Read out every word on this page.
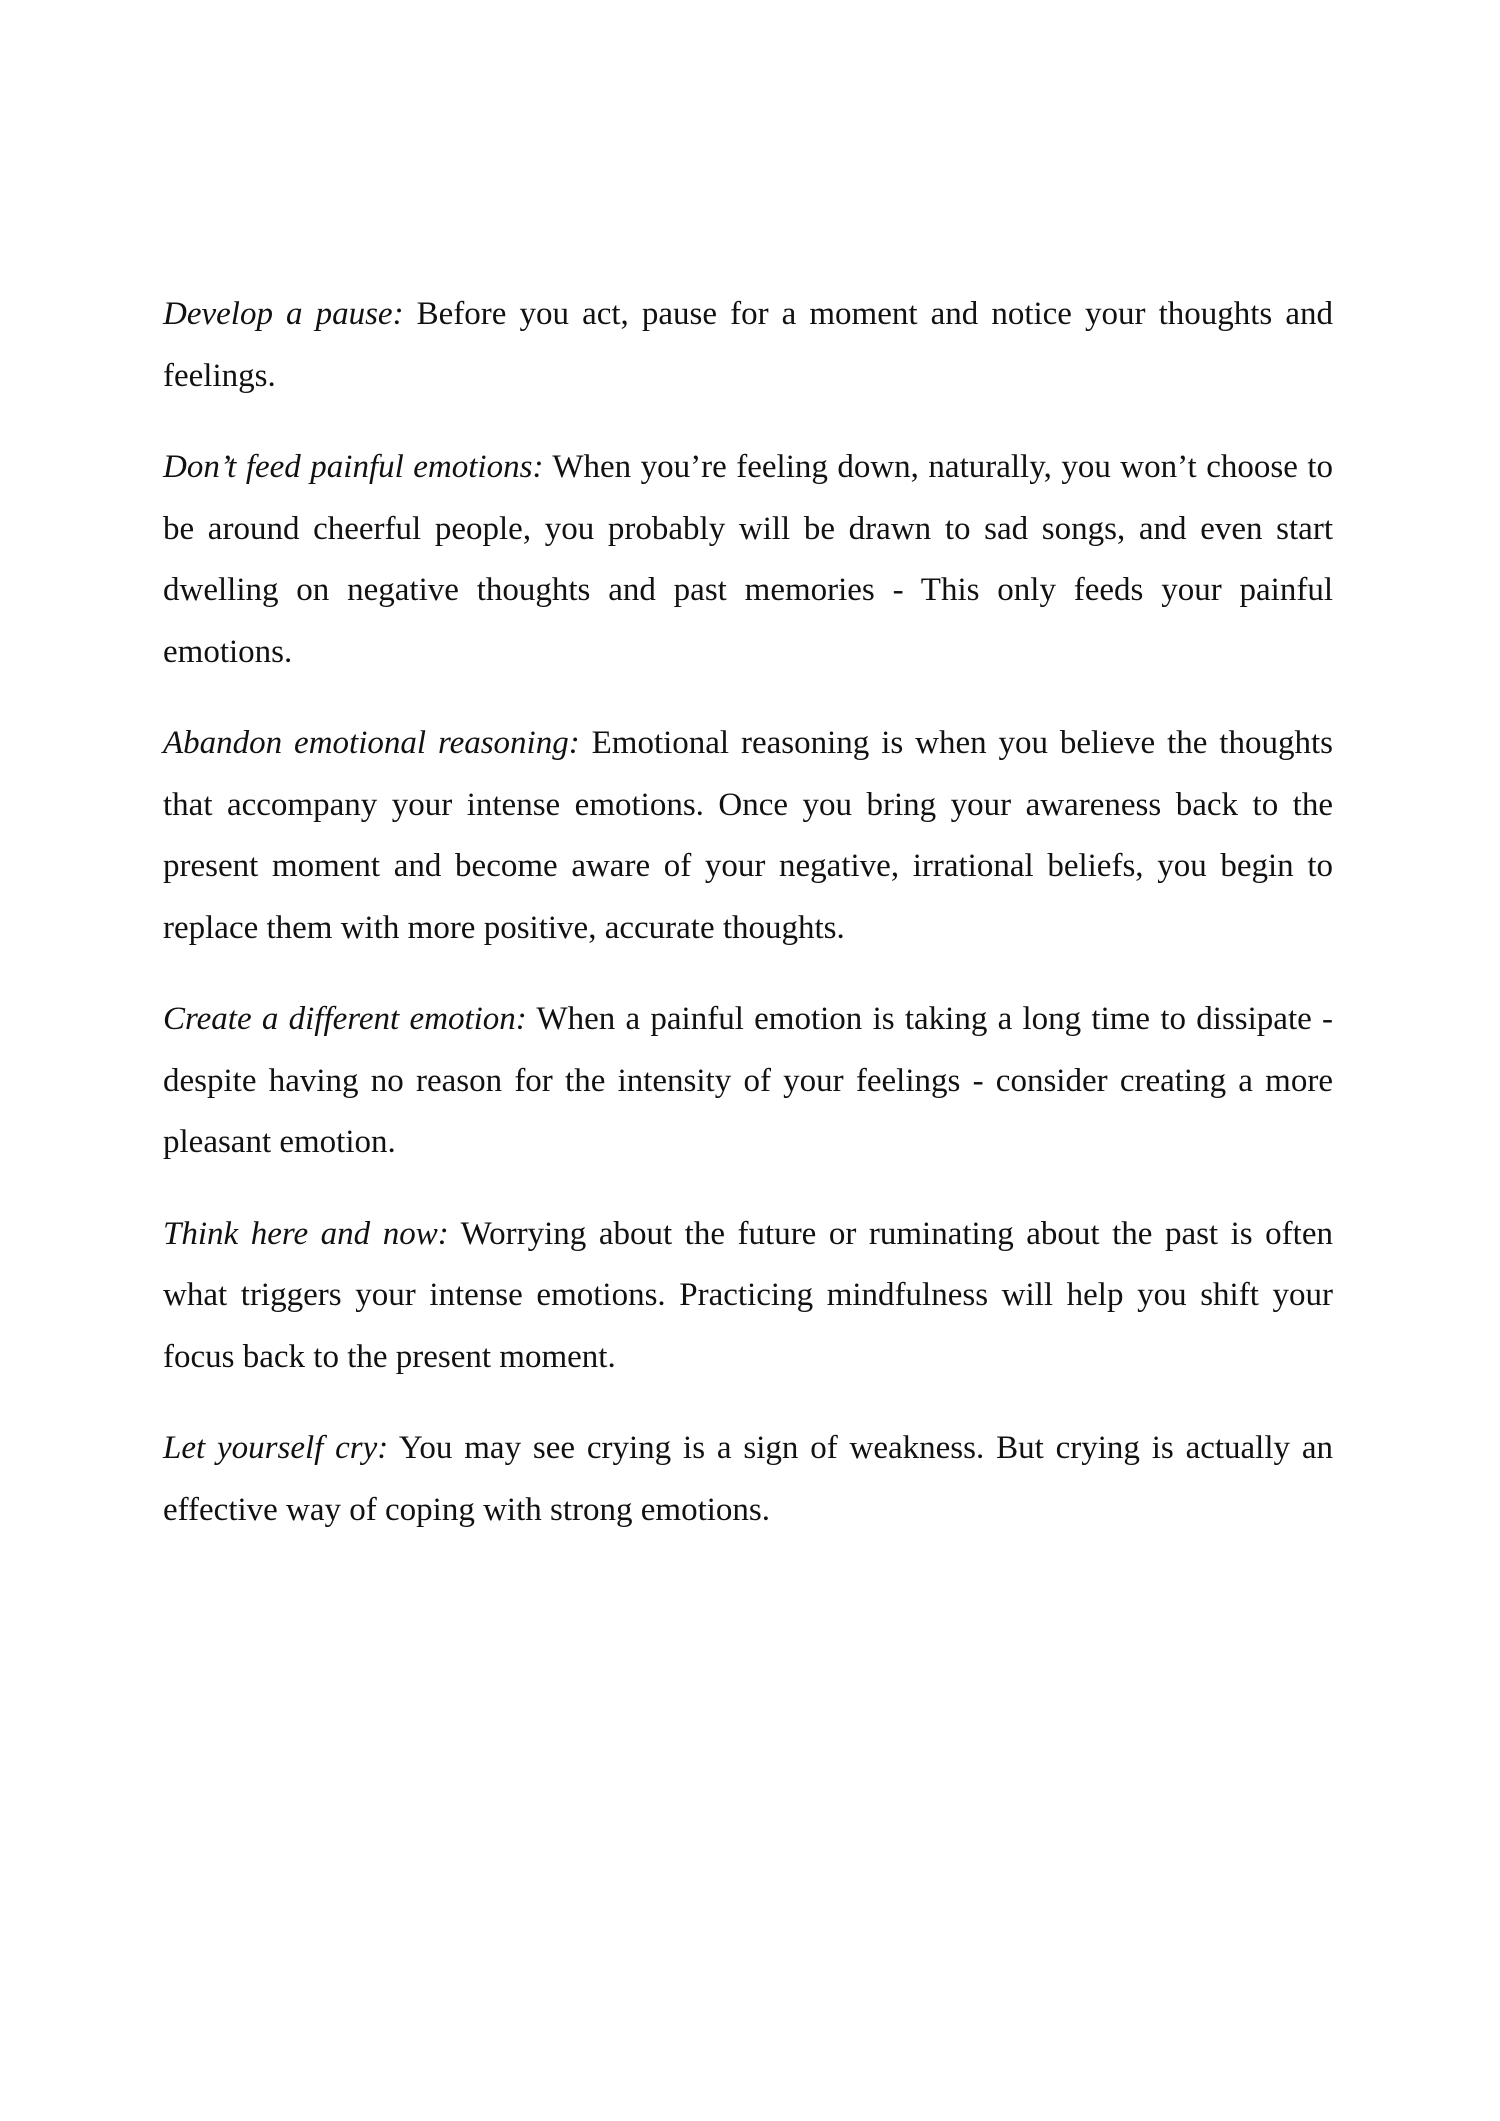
Develop a pause: Before you act, pause for a moment and notice your thoughts and feelings.

Don’t feed painful emotions: When you’re feeling down, naturally, you won’t choose to be around cheerful people, you probably will be drawn to sad songs, and even start dwelling on negative thoughts and past memories - This only feeds your painful emotions.

Abandon emotional reasoning: Emotional reasoning is when you believe the thoughts that accompany your intense emotions. Once you bring your awareness back to the present moment and become aware of your negative, irrational beliefs, you begin to replace them with more positive, accurate thoughts.

Create a different emotion: When a painful emotion is taking a long time to dissipate - despite having no reason for the intensity of your feelings - consider creating a more pleasant emotion.

Think here and now: Worrying about the future or ruminating about the past is often what triggers your intense emotions. Practicing mindfulness will help you shift your focus back to the present moment.

Let yourself cry: You may see crying is a sign of weakness. But crying is actually an effective way of coping with strong emotions.
